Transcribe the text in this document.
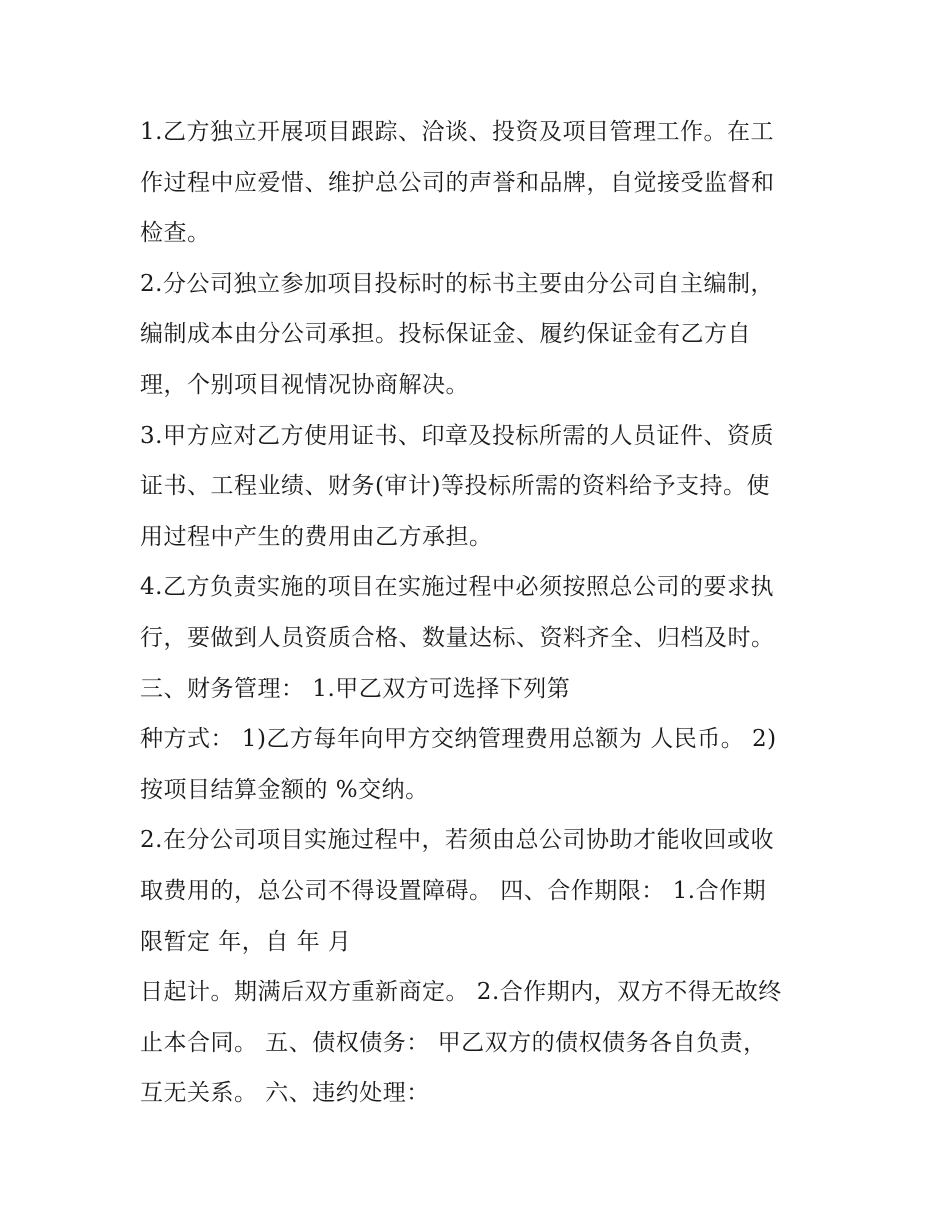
1.乙方独立开展项目跟踪、洽谈、投资及项目管理工作。在工
作过程中应爱惜、维护总公司的声誉和品牌，自觉接受监督和
检查。
2.分公司独立参加项目投标时的标书主要由分公司自主编制，
编制成本由分公司承担。投标保证金、履约保证金有乙方自
理，个别项目视情况协商解决。
3.甲方应对乙方使用证书、印章及投标所需的人员证件、资质
证书、工程业绩、财务(审计)等投标所需的资料给予支持。使
用过程中产生的费用由乙方承担。
4.乙方负责实施的项目在实施过程中必须按照总公司的要求执
行，要做到人员资质合格、数量达标、资料齐全、归档及时。
三、财务管理： 1.甲乙双方可选择下列第
种方式： 1)乙方每年向甲方交纳管理费用总额为 人民币。 2)
按项目结算金额的 %交纳。
2.在分公司项目实施过程中，若须由总公司协助才能收回或收
取费用的，总公司不得设置障碍。 四、合作期限： 1.合作期
限暂定 年，自 年 月
日起计。期满后双方重新商定。 2.合作期内，双方不得无故终
止本合同。 五、债权债务： 甲乙双方的债权债务各自负责，
互无关系。 六、违约处理：
